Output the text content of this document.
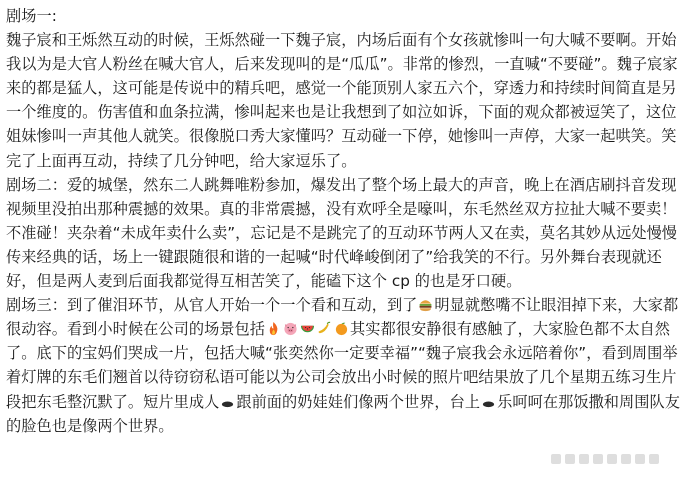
剧场一:
魏子宸和王烁然互动的时候，王烁然碰一下魏子宸，内场后面有个女孩就惨叫一句大喊不要啊。开始我以为是大官人粉丝在喊大官人，后来发现叫的是“瓜瓜”。非常的惨烈，一直喊“不要碰”。魏子宸家来的都是猛人，这可能是传说中的精兵吧，感觉一个能顶别人家五六个，穿透力和持续时间简直是另一个维度的。伤害值和血条拉满，惨叫起来也是让我想到了如泣如诉，下面的观众都被逗笑了，这位姐妹惨叫一声其他人就笑。很像脱口秀大家懂吗？互动碰一下停，她惨叫一声停，大家一起哄笑。笑完了上面再互动，持续了几分钟吧，给大家逗乐了。
剧场二：爱的城堡，然东二人跳舞唯粉参加，爆发出了整个场上最大的声音，晚上在酒店刷抖音发现视频里没拍出那种震撼的效果。真的非常震撼，没有欢呼全是嚎叫，东毛然丝双方拉扯大喊不要卖！不准碰！夹杂着“未成年卖什么卖”，忘记是不是跳完了的互动环节两人又在卖，莫名其妙从远处慢慢传来经典的话，场上一键跟随很和谐的一起喊“时代峰峻倒闭了”给我笑的不行。另外舞台表现就还好，但是两人麦到后面我都觉得互相苦笑了，能磕下这个 cp 的也是牙口硬。
剧场三：到了催泪环节，从官人开始一个一个看和互动，到了 明显就憋嘴不让眼泪掉下来，大家都很动容。看到小时候在公司的场景包括	其实都很安静很有感触了，大家脸色都不太自然了。底下的宝妈们哭成一片，包括大喊“张奕然你一定要幸福”“魏子宸我会永远陪着你”，看到周围举着灯牌的东毛们翘首以待窃窃私语可能以为公司会放出小时候的照片吧结果放了几个星期五练习生片段把东毛整沉默了。短片里成人 跟前面的奶娃娃们像两个世界，台上 乐呵呵在那饭撒和周围队友的脸色也是像两个世界。
